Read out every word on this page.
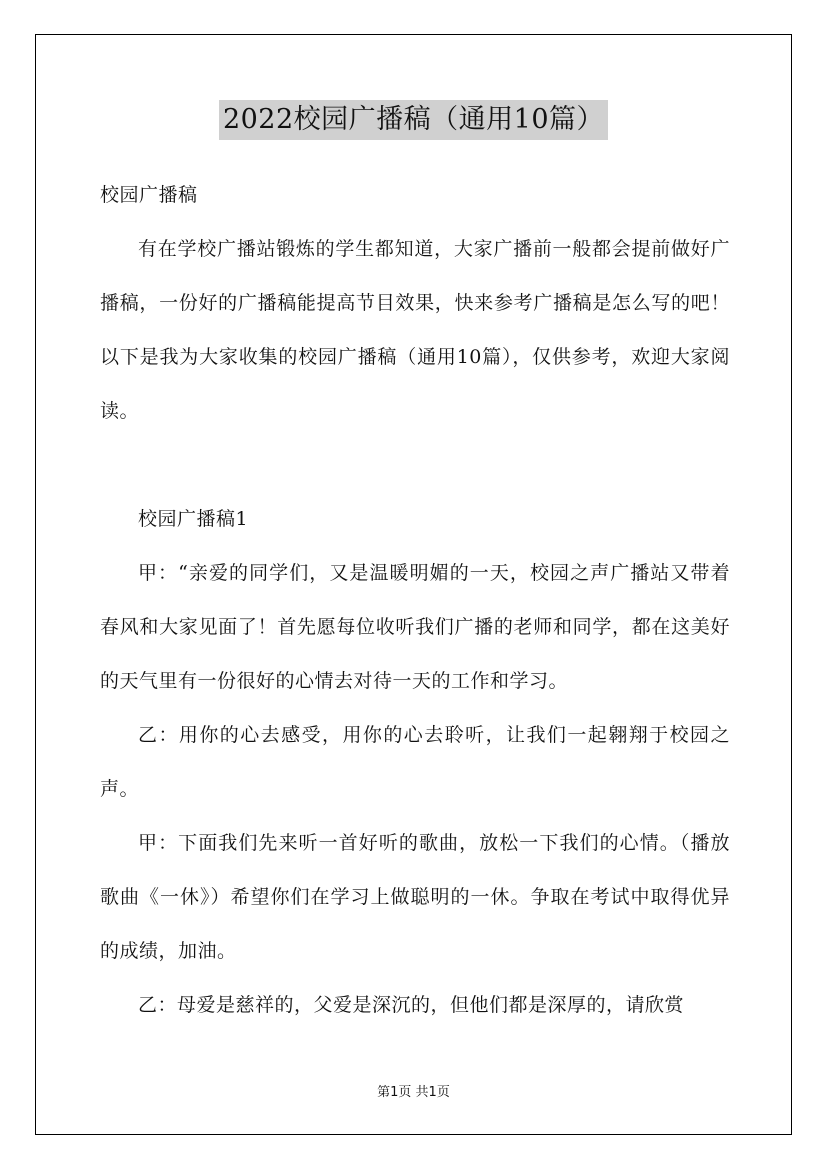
2022校园广播稿（通用10篇）

校园广播稿

有在学校广播站锻炼的学生都知道，大家广播前一般都会提前做好广播稿，一份好的广播稿能提高节目效果，快来参考广播稿是怎么写的吧！以下是我为大家收集的校园广播稿（通用10篇），仅供参考，欢迎大家阅读。

校园广播稿1

甲：“亲爱的同学们，又是温暖明媚的一天，校园之声广播站又带着春风和大家见面了！首先愿每位收听我们广播的老师和同学，都在这美好的天气里有一份很好的心情去对待一天的工作和学习。

乙：用你的心去感受，用你的心去聆听，让我们一起翱翔于校园之声。

甲：下面我们先来听一首好听的歌曲，放松一下我们的心情。（播放歌曲《一休》）希望你们在学习上做聪明的一休。争取在考试中取得优异的成绩，加油。

乙：母爱是慈祥的，父爱是深沉的，但他们都是深厚的，请欣赏

第1页 共1页
